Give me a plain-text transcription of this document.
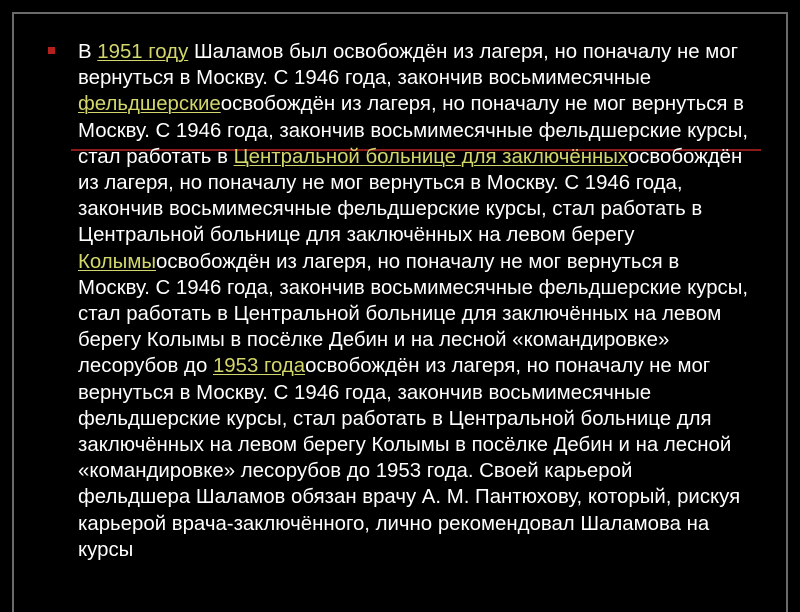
В 1951 году Шаламов был освобождён из лагеря, но поначалу не мог вернуться в Москву. С 1946 года, закончив восьмимесячные фельдшерскиеосвобождён из лагеря, но поначалу не мог вернуться в Москву. С 1946 года, закончив восьмимесячные фельдшерские курсы, стал работать в Центральной больнице для заключённыхосвобождён из лагеря, но поначалу не мог вернуться в Москву. С 1946 года, закончив восьмимесячные фельдшерские курсы, стал работать в Центральной больнице для заключённых на левом берегу Колымыосвобождён из лагеря, но поначалу не мог вернуться в Москву. С 1946 года, закончив восьмимесячные фельдшерские курсы, стал работать в Центральной больнице для заключённых на левом берегу Колымы в посёлке Дебин и на лесной «командировке» лесорубов до 1953 годаосвобождён из лагеря, но поначалу не мог вернуться в Москву. С 1946 года, закончив восьмимесячные фельдшерские курсы, стал работать в Центральной больнице для заключённых на левом берегу Колымы в посёлке Дебин и на лесной «командировке» лесорубов до 1953 года. Своей карьерой фельдшера Шаламов обязан врачу А. М. Пантюхову, который, рискуя карьерой врача-заключённого, лично рекомендовал Шаламова на курсы
